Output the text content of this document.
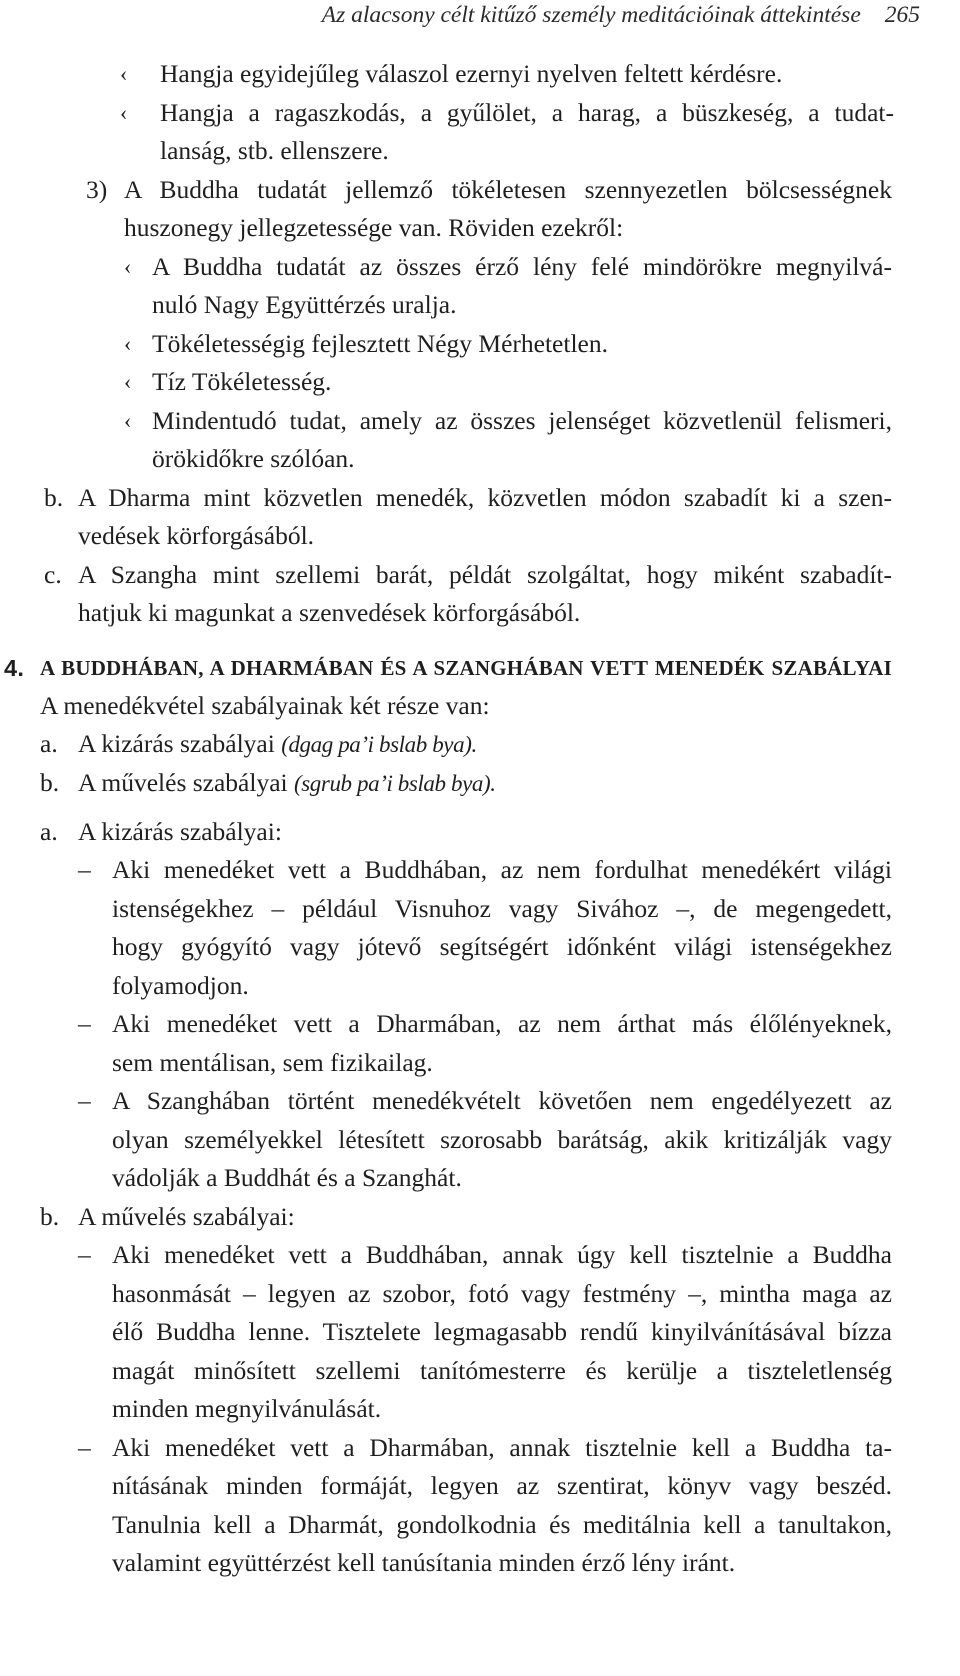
Az alacsony célt kitűző személy meditációinak áttekintése 265
‹ Hangja egyidejűleg válaszol ezernyi nyelven feltett kérdésre.
‹ Hangja a ragaszkodás, a gyűlölet, a harag, a büszkeség, a tudat-
lanság, stb. ellenszere.
3) A Buddha tudatát jellemző tökéletesen szennyezetlen bölcsességnek
huszonegy jellegzetessége van. Röviden ezekről:
‹ A Buddha tudatát az összes érző lény felé mindörökre megnyilvá-
nuló Nagy Együttérzés uralja.
‹ Tökéletességig fejlesztett Négy Mérhetetlen.
‹ Tíz Tökéletesség.
‹ Mindentudó tudat, amely az összes jelenséget közvetlenül felismeri,
örökidőkre szólóan.
b. A Dharma mint közvetlen menedék, közvetlen módon szabadít ki a szen-
vedések körforgásából.
c. A Szangha mint szellemi barát, példát szolgáltat, hogy miként szabadít-
hatjuk ki magunkat a szenvedések körforgásából.
4. A BUDDHÁBAN, A DHARMÁBAN ÉS A SZANGHÁBAN VETT MENEDÉK SZABÁLYAI
A menedékvétel szabályainak két része van:
a. A kizárás szabályai (dgag pa’i bslab bya).
b. A művelés szabályai (sgrub pa’i bslab bya).
a. A kizárás szabályai:
– Aki menedéket vett a Buddhában, az nem fordulhat menedékért világi
istenségekhez – például Visnuhoz vagy Sivához –, de megengedett,
hogy gyógyító vagy jótevő segítségért időnként világi istenségekhez
folyamodjon.
– Aki menedéket vett a Dharmában, az nem árthat más élőlényeknek,
sem mentálisan, sem fizikailag.
– A Szanghában történt menedékvételt követően nem engedélyezett az
olyan személyekkel létesített szorosabb barátság, akik kritizálják vagy
vádolják a Buddhát és a Szanghát.
b. A művelés szabályai:
– Aki menedéket vett a Buddhában, annak úgy kell tisztelnie a Buddha
hasonmását – legyen az szobor, fotó vagy festmény –, mintha maga az
élő Buddha lenne. Tisztelete legmagasabb rendű kinyilvánításával bízza
magát minősített szellemi tanítómesterre és kerülje a tiszteletlenség
minden megnyilvánulását.
– Aki menedéket vett a Dharmában, annak tisztelnie kell a Buddha ta-
nításának minden formáját, legyen az szentirat, könyv vagy beszéd.
Tanulnia kell a Dharmát, gondolkodnia és meditálnia kell a tanultakon,
valamint együttérzést kell tanúsítania minden érző lény iránt.
